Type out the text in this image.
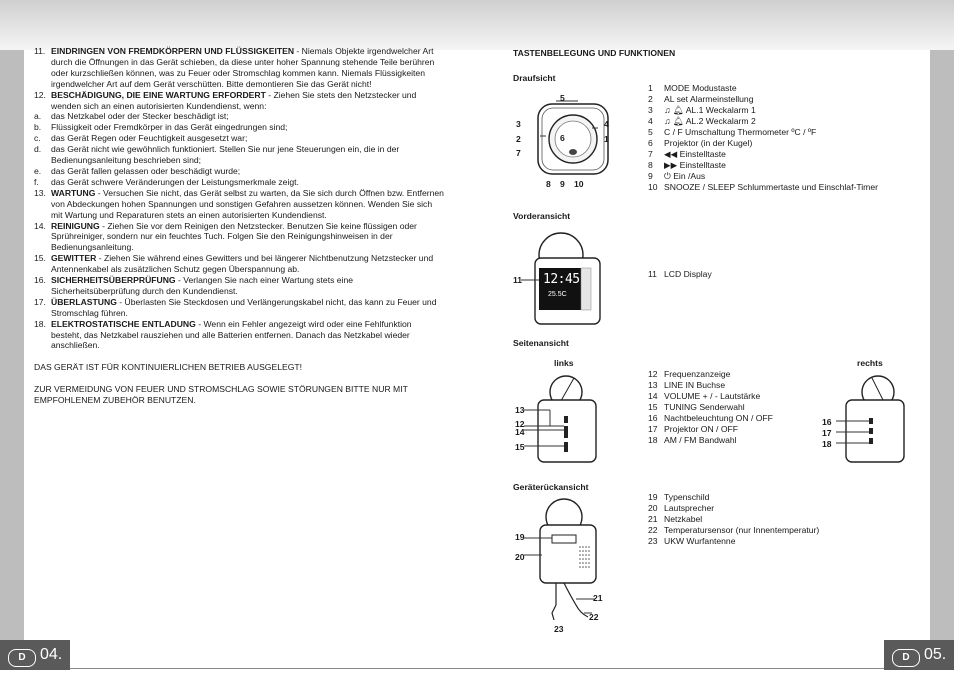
11. EINDRINGEN VON FREMDKÖRPERN UND FLÜSSIGKEITEN - Niemals Objekte irgendwelcher Art durch die Öffnungen in das Gerät schieben, da diese unter hoher Spannung stehende Teile berühren oder kurzschließen können, was zu Feuer oder Stromschlag kommen kann. Niemals Flüssigkeiten irgendwelcher Art auf dem Gerät verschütten. Bitte demontieren Sie das Gerät nicht!

12. BESCHÄDIGUNG, DIE EINE WARTUNG ERFORDERT - Ziehen Sie stets den Netzstecker und wenden sich an einen autorisierten Kundendienst, wenn:

a. das Netzkabel oder der Stecker beschädigt ist;
b. Flüssigkeit oder Fremdkörper in das Gerät eingedrungen sind;
c. das Gerät Regen oder Feuchtigkeit ausgesetzt war;
d. das Gerät nicht wie gewöhnlich funktioniert. Stellen Sie nur jene Steuerungen ein, die in der Bedienungsanleitung beschrieben sind;
e. das Gerät fallen gelassen oder beschädigt wurde;
f. das Gerät schwere Veränderungen der Leistungsmerkmale zeigt.

13. WARTUNG - Versuchen Sie nicht, das Gerät selbst zu warten, da Sie sich durch Öffnen bzw. Entfernen von Abdeckungen hohen Spannungen und sonstigen Gefahren aussetzen können. Wenden Sie sich mit Wartung und Reparaturen stets an einen autorisierten Kundendienst.

14. REINIGUNG - Ziehen Sie vor dem Reinigen den Netzstecker. Benutzen Sie keine flüssigen oder Sprühreiniger, sondern nur ein feuchtes Tuch. Folgen Sie den Reinigungshinweisen in der Bedienungsanleitung.

15. GEWITTER - Ziehen Sie während eines Gewitters und bei längerer Nichtbenutzung Netzstecker und Antennenkabel als zusätzlichen Schutz gegen Überspannung ab.

16. SICHERHEITSÜBERPRÜFUNG - Verlangen Sie nach einer Wartung stets eine Sicherheitsüberprüfung durch den Kundendienst.

17. ÜBERLASTUNG - Überlasten Sie Steckdosen und Verlängerungskabel nicht, das kann zu Feuer und Stromschlag führen.

18. ELEKTROSTATISCHE ENTLADUNG - Wenn ein Fehler angezeigt wird oder eine Fehlfunktion besteht, das Netzkabel rausziehen und alle Batterien entfernen. Danach das Netzkabel wieder anschließen.

DAS GERÄT IST FÜR KONTINUIERLICHEN BETRIEB AUSGELEGT!
ZUR VERMEIDUNG VON FEUER UND STROMSCHLAG SOWIE STÖRUNGEN BITTE NUR MIT EMPFOHLENEM ZUBEHÖR BENUTZEN.
TASTENBELEGUNG UND FUNKTIONEN
Draufsicht
Vorderansicht
Seitenansicht
Geräterückansicht
1 MODE Modustaste
2 AL set Alarmeinstellung
3 ♫ 🔔︎ AL.1 Weckalarm 1
4 ♫ 🔔︎ AL.2 Weckalarm 2
5 C / F Umschaltung Thermometer ºC / ºF
6 Projektor (in der Kugel)
7 ◀◀ Einstelltaste
8 ▶▶ Einstelltaste
9 ⏻ Ein /Aus
10 SNOOZE / SLEEP Schlummertaste und Einschlaf-Timer
11 LCD Display
12 Frequenzanzeige
13 LINE IN Buchse
14 VOLUME + / - Lautstärke
15 TUNING Senderwahl
16 Nachtbeleuchtung ON / OFF
17 Projektor ON / OFF
18 AM / FM Bandwahl
19 Typenschild
20 Lautsprecher
21 Netzkabel
22 Temperatursensor (nur Innentemperatur)
23 UKW Wurfantenne
5
3	4
2	6	1
7
8 9 10
12:45
25.5C
11
links	rechts
13
12
14
15
16
17
18
19
20
21
22
23
D 04.	D 05.
